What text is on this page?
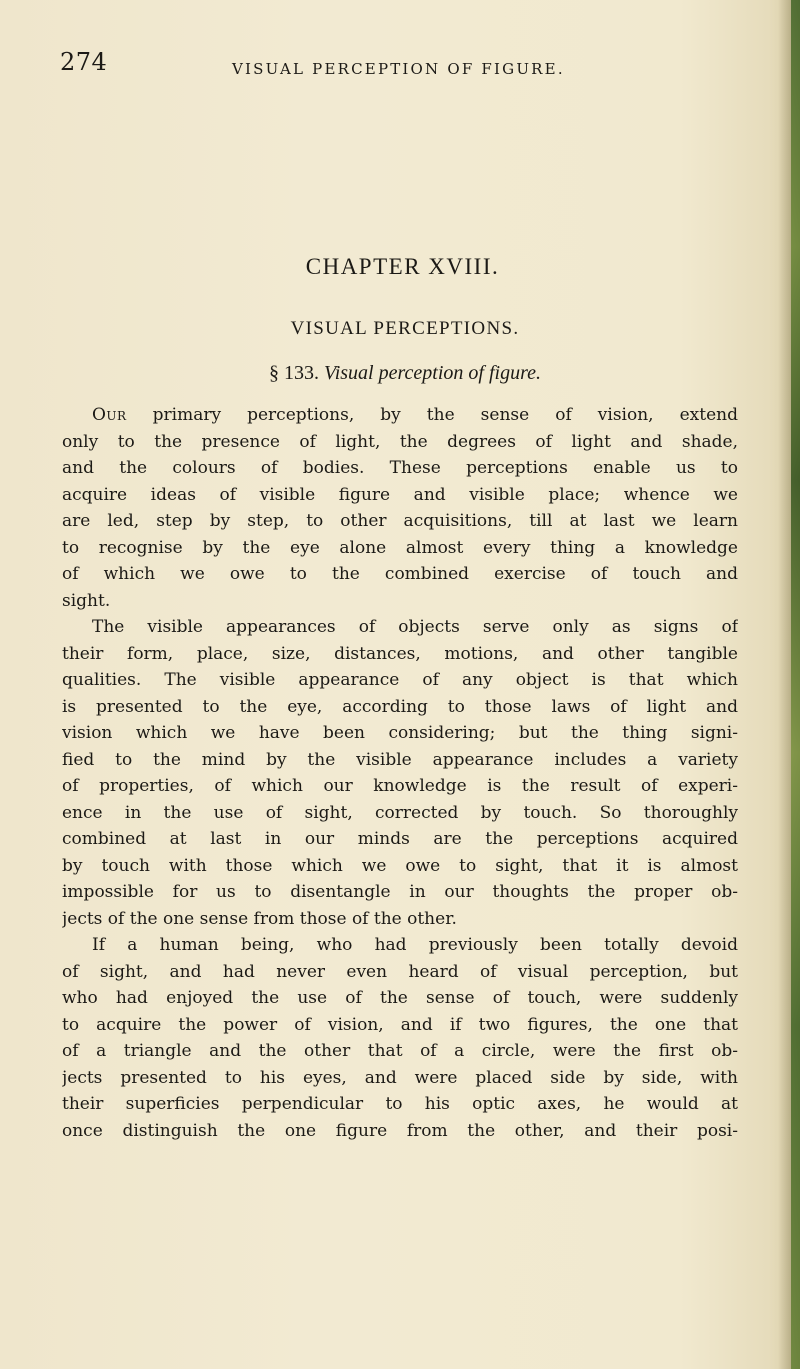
274	VISUAL PERCEPTION OF FIGURE.
CHAPTER XVIII.
VISUAL PERCEPTIONS.
§ 133. Visual perception of figure.
Our primary perceptions, by the sense of vision, extend
only to the presence of light, the degrees of light and shade,
and the colours of bodies. These perceptions enable us to
acquire ideas of visible figure and visible place; whence we
are led, step by step, to other acquisitions, till at last we learn
to recognise by the eye alone almost every thing a knowledge
of which we owe to the combined exercise of touch and
sight.
The visible appearances of objects serve only as signs of
their form, place, size, distances, motions, and other tangible
qualities. The visible appearance of any object is that which
is presented to the eye, according to those laws of light and
vision which we have been considering; but the thing signi-
fied to the mind by the visible appearance includes a variety
of properties, of which our knowledge is the result of experi-
ence in the use of sight, corrected by touch. So thoroughly
combined at last in our minds are the perceptions acquired
by touch with those which we owe to sight, that it is almost
impossible for us to disentangle in our thoughts the proper ob-
jects of the one sense from those of the other.
If a human being, who had previously been totally devoid
of sight, and had never even heard of visual perception, but
who had enjoyed the use of the sense of touch, were suddenly
to acquire the power of vision, and if two figures, the one that
of a triangle and the other that of a circle, were the first ob-
jects presented to his eyes, and were placed side by side, with
their superficies perpendicular to his optic axes, he would at
once distinguish the one figure from the other, and their posi-
